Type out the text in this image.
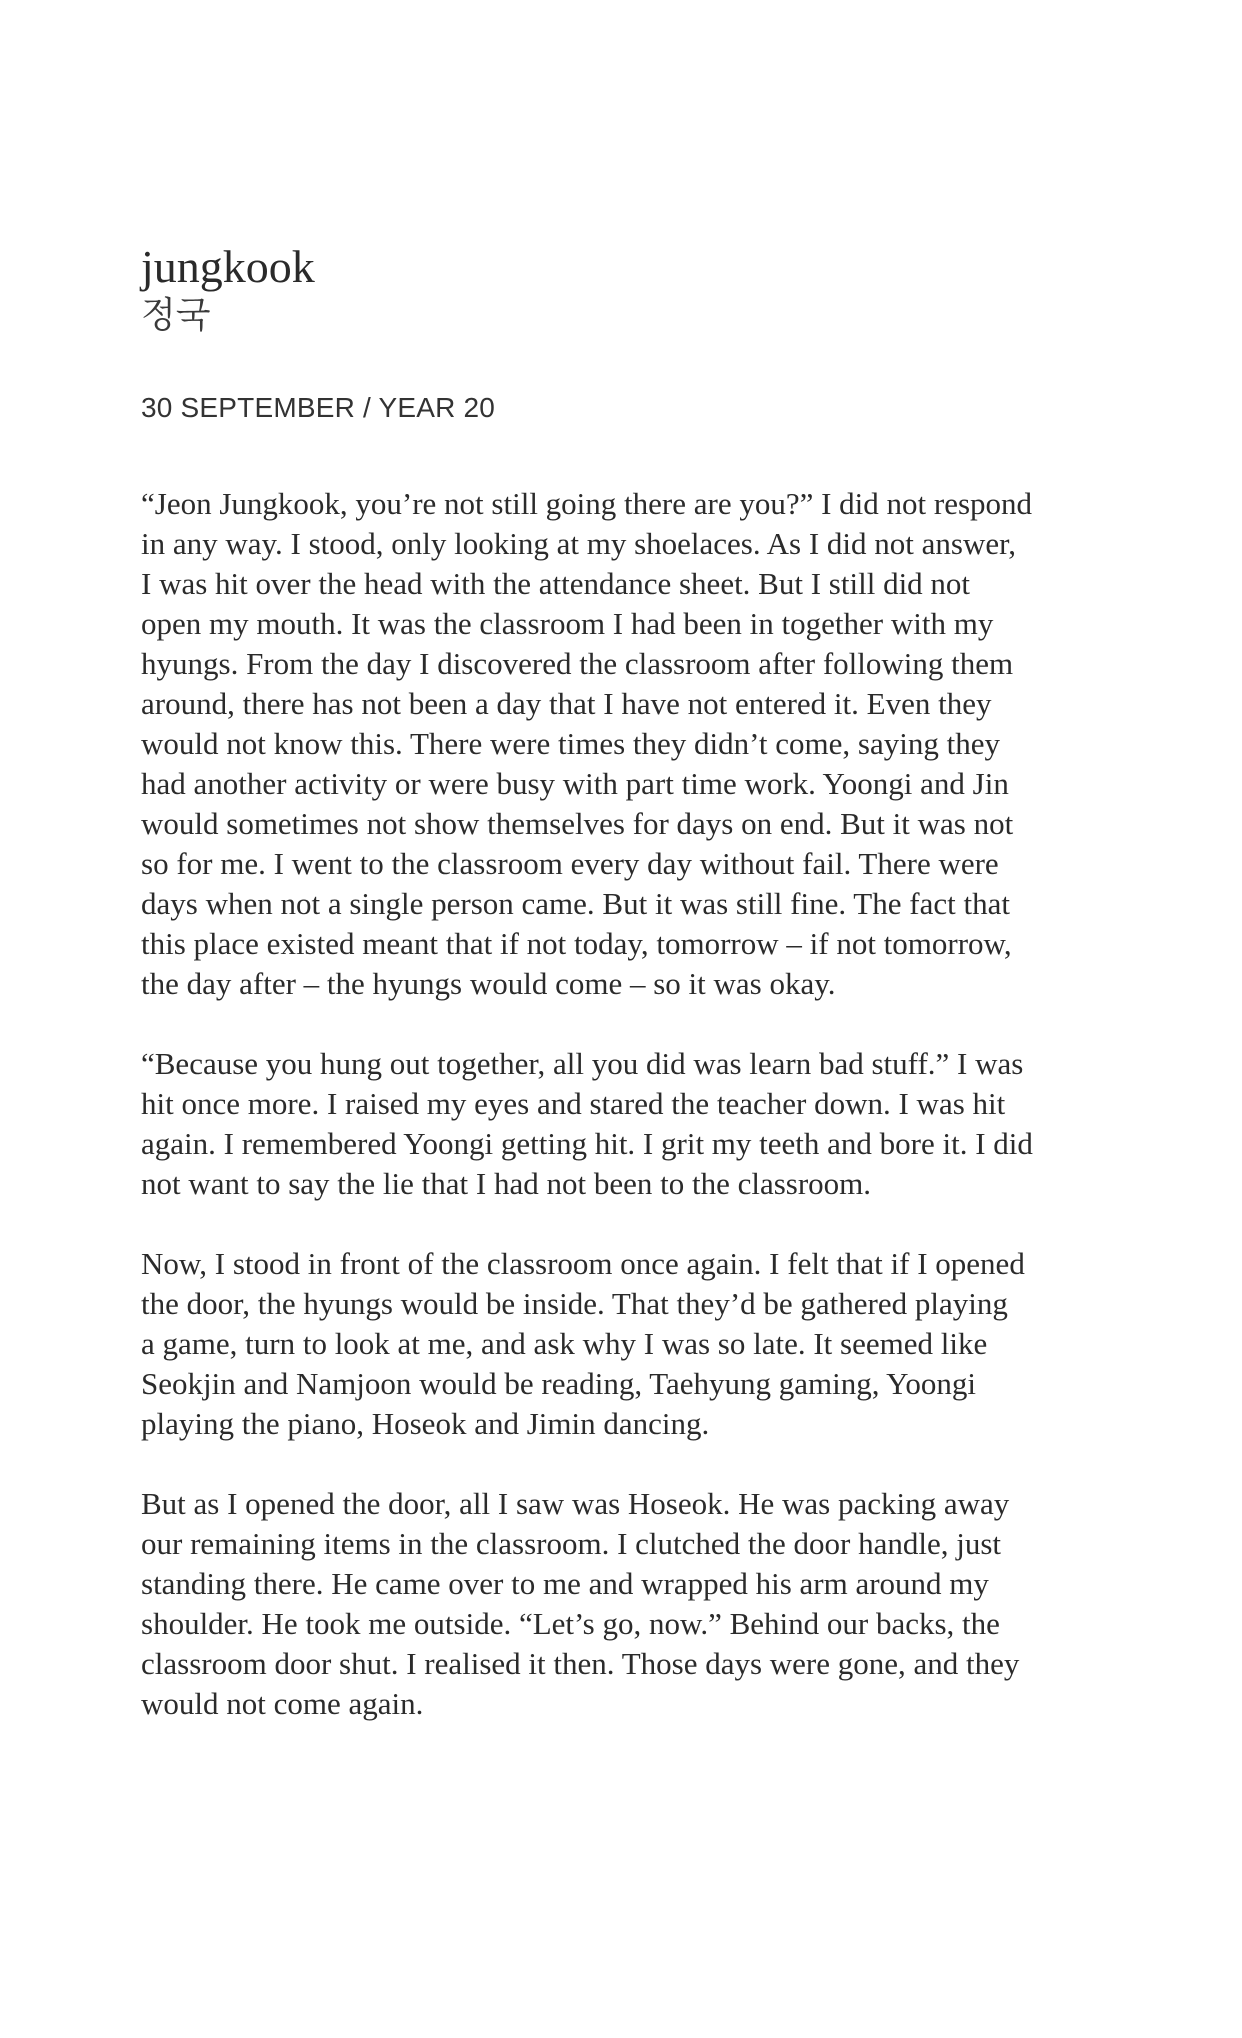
jungkook
정국
30 SEPTEMBER / YEAR 20

“Jeon Jungkook, you’re not still going there are you?” I did not respond
in any way. I stood, only looking at my shoelaces. As I did not answer,
I was hit over the head with the attendance sheet. But I still did not
open my mouth. It was the classroom I had been in together with my
hyungs. From the day I discovered the classroom after following them
around, there has not been a day that I have not entered it. Even they
would not know this. There were times they didn’t come, saying they
had another activity or were busy with part time work. Yoongi and Jin
would sometimes not show themselves for days on end. But it was not
so for me. I went to the classroom every day without fail. There were
days when not a single person came. But it was still fine. The fact that
this place existed meant that if not today, tomorrow – if not tomorrow,
the day after – the hyungs would come – so it was okay.

“Because you hung out together, all you did was learn bad stuff.” I was
hit once more. I raised my eyes and stared the teacher down. I was hit
again. I remembered Yoongi getting hit. I grit my teeth and bore it. I did
not want to say the lie that I had not been to the classroom.

Now, I stood in front of the classroom once again. I felt that if I opened
the door, the hyungs would be inside. That they’d be gathered playing
a game, turn to look at me, and ask why I was so late. It seemed like
Seokjin and Namjoon would be reading, Taehyung gaming, Yoongi
playing the piano, Hoseok and Jimin dancing.

But as I opened the door, all I saw was Hoseok. He was packing away
our remaining items in the classroom. I clutched the door handle, just
standing there. He came over to me and wrapped his arm around my
shoulder. He took me outside. “Let’s go, now.” Behind our backs, the
classroom door shut. I realised it then. Those days were gone, and they
would not come again.
